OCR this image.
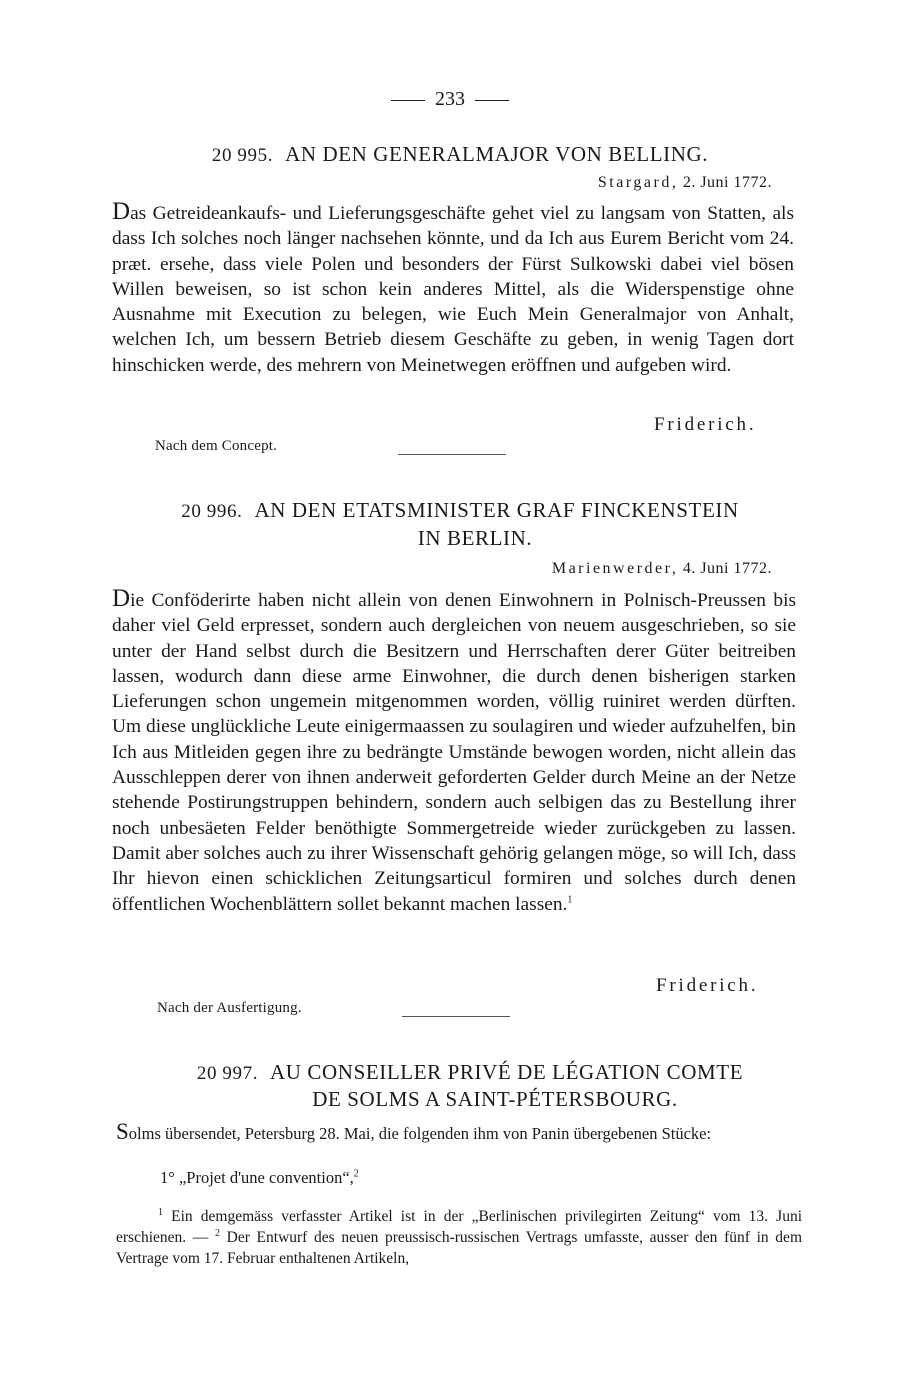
233
20 995. AN DEN GENERALMAJOR VON BELLING.
Stargard, 2. Juni 1772.
Das Getreideankaufs- und Lieferungsgeschäfte gehet viel zu langsam von Statten, als dass Ich solches noch länger nachsehen könnte, und da Ich aus Eurem Bericht vom 24. præt. ersehe, dass viele Polen und besonders der Fürst Sulkowski dabei viel bösen Willen beweisen, so ist schon kein anderes Mittel, als die Widerspenstige ohne Ausnahme mit Execution zu belegen, wie Euch Mein Generalmajor von Anhalt, welchen Ich, um bessern Betrieb diesem Geschäfte zu geben, in wenig Tagen dort hinschicken werde, des mehrern von Meinetwegen eröffnen und aufgeben wird.
Friderich.
Nach dem Concept.
20 996. AN DEN ETATSMINISTER GRAF FINCKENSTEIN
IN BERLIN.
Marienwerder, 4. Juni 1772.
Die Conföderirte haben nicht allein von denen Einwohnern in Polnisch-Preussen bis daher viel Geld erpresset, sondern auch dergleichen von neuem ausgeschrieben, so sie unter der Hand selbst durch die Besitzern und Herrschaften derer Güter beitreiben lassen, wodurch dann diese arme Einwohner, die durch denen bisherigen starken Lieferungen schon ungemein mitgenommen worden, völlig ruiniret werden dürften. Um diese unglückliche Leute einigermaassen zu soulagiren und wieder aufzuhelfen, bin Ich aus Mitleiden gegen ihre zu bedrängte Umstände bewogen worden, nicht allein das Ausschleppen derer von ihnen anderweit geforderten Gelder durch Meine an der Netze stehende Postirungstruppen behindern, sondern auch selbigen das zu Bestellung ihrer noch unbesäeten Felder benöthigte Sommergetreide wieder zurückgeben zu lassen. Damit aber solches auch zu ihrer Wissenschaft gehörig gelangen möge, so will Ich, dass Ihr hievon einen schicklichen Zeitungsarticul formiren und solches durch denen öffentlichen Wochenblättern sollet bekannt machen lassen.$^1$
Friderich.
Nach der Ausfertigung.
20 997. AU CONSEILLER PRIVÉ DE LÉGATION COMTE
DE SOLMS A SAINT-PÉTERSBOURG.
Solms übersendet, Petersburg 28. Mai, die folgenden ihm von Panin übergebenen Stücke:
1° „Projet d'une convention“,$^2$
$^1$ Ein demgemäss verfasster Artikel ist in der „Berlinischen privilegirten Zeitung“ vom 13. Juni erschienen. — $^2$ Der Entwurf des neuen preussisch-russischen Vertrags umfasste, ausser den fünf in dem Vertrage vom 17. Februar enthaltenen Artikeln,
